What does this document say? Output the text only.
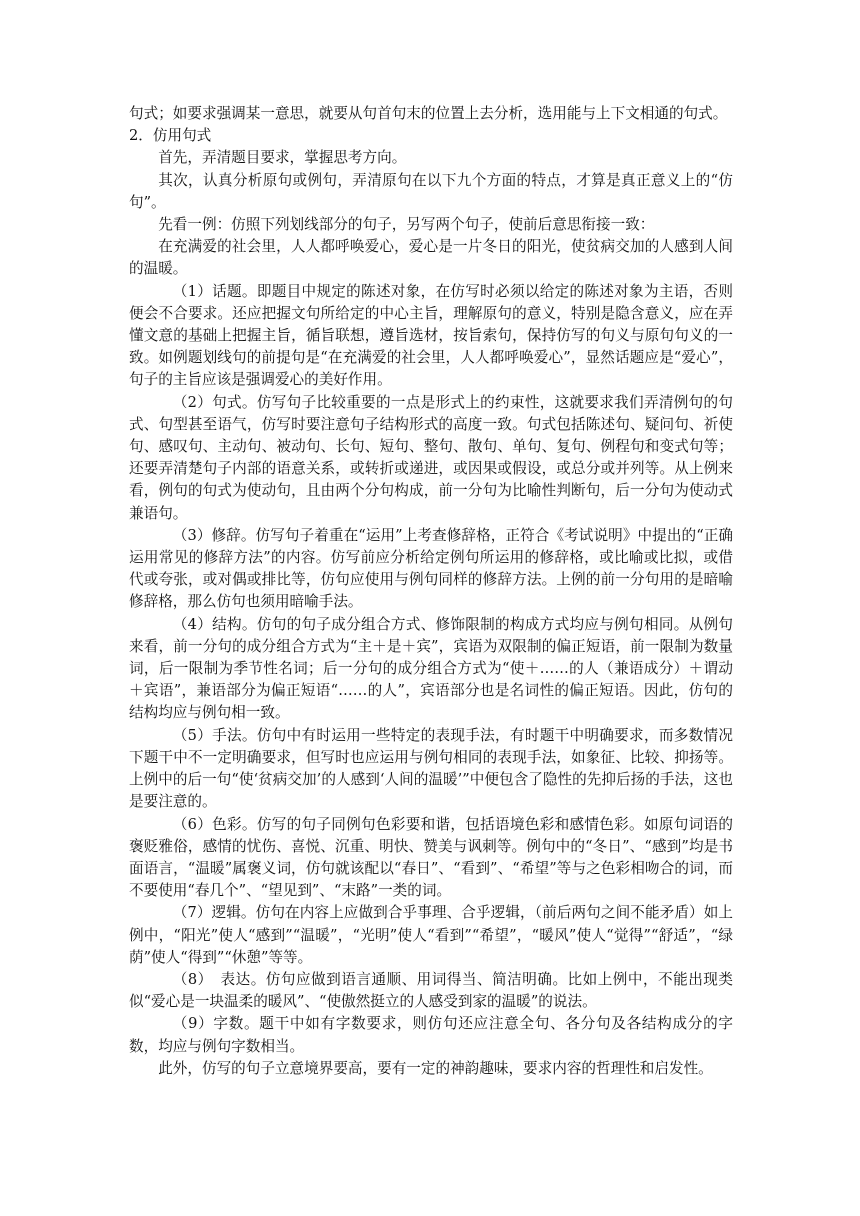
句式；如要求强调某一意思，就要从句首句末的位置上去分析，选用能与上下文相通的句式。

2．仿用句式

首先，弄清题目要求，掌握思考方向。

其次，认真分析原句或例句，弄清原句在以下九个方面的特点，才算是真正意义上的“仿句”。

先看一例：仿照下列划线部分的句子，另写两个句子，使前后意思衔接一致：

在充满爱的社会里，人人都呼唤爱心，爱心是一片冬日的阳光，使贫病交加的人感到人间的温暖。

（1）话题。即题目中规定的陈述对象，在仿写时必须以给定的陈述对象为主语，否则便会不合要求。还应把握文句所给定的中心主旨，理解原句的意义，特别是隐含意义，应在弄懂文意的基础上把握主旨，循旨联想，遵旨选材，按旨索句，保持仿写的句义与原句句义的一致。如例题划线句的前提句是“在充满爱的社会里，人人都呼唤爱心”，显然话题应是“爱心”，句子的主旨应该是强调爱心的美好作用。

（2）句式。仿写句子比较重要的一点是形式上的约束性，这就要求我们弄清例句的句式、句型甚至语气，仿写时要注意句子结构形式的高度一致。句式包括陈述句、疑问句、祈使句、感叹句、主动句、被动句、长句、短句、整句、散句、单句、复句、例程句和变式句等；还要弄清楚句子内部的语意关系，或转折或递进，或因果或假设，或总分或并列等。从上例来看，例句的句式为使动句，且由两个分句构成，前一分句为比喻性判断句，后一分句为使动式兼语句。

（3）修辞。仿写句子着重在“运用”上考查修辞格，正符合《考试说明》中提出的“正确运用常见的修辞方法”的内容。仿写前应分析给定例句所运用的修辞格，或比喻或比拟，或借代或夸张，或对偶或排比等，仿句应使用与例句同样的修辞方法。上例的前一分句用的是暗喻修辞格，那么仿句也须用暗喻手法。

（4）结构。仿句的句子成分组合方式、修饰限制的构成方式均应与例句相同。从例句来看，前一分句的成分组合方式为“主＋是＋宾”，宾语为双限制的偏正短语，前一限制为数量词，后一限制为季节性名词；后一分句的成分组合方式为“使＋……的人（兼语成分）＋谓动＋宾语”，兼语部分为偏正短语“……的人”，宾语部分也是名词性的偏正短语。因此，仿句的结构均应与例句相一致。

（5）手法。仿句中有时运用一些特定的表现手法，有时题干中明确要求，而多数情况下题干中不一定明确要求，但写时也应运用与例句相同的表现手法，如象征、比较、抑扬等。上例中的后一句“使‘贫病交加’的人感到‘人间的温暖’”中便包含了隐性的先抑后扬的手法，这也是要注意的。

（6）色彩。仿写的句子同例句色彩要和谐，包括语境色彩和感情色彩。如原句词语的褒贬雅俗，感情的忧伤、喜悦、沉重、明快、赞美与讽刺等。例句中的“冬日”、“感到”均是书面语言，“温暖”属褒义词，仿句就该配以“春日”、“看到”、“希望”等与之色彩相吻合的词，而不要使用“春几个”、“望见到”、“末路”一类的词。

（7）逻辑。仿句在内容上应做到合乎事理、合乎逻辑，（前后两句之间不能矛盾）如上例中，“阳光”使人“感到”“温暖”，“光明”使人“看到”“希望”，“暖风”使人“觉得”“舒适”，“绿荫”使人“得到”“休憩”等等。

（8）　表达。仿句应做到语言通顺、用词得当、简洁明确。比如上例中，不能出现类似“爱心是一块温柔的暖风”、“使傲然挺立的人感受到家的温暖”的说法。

（9）字数。题干中如有字数要求，则仿句还应注意全句、各分句及各结构成分的字数，均应与例句字数相当。

此外，仿写的句子立意境界要高，要有一定的神韵趣味，要求内容的哲理性和启发性。
